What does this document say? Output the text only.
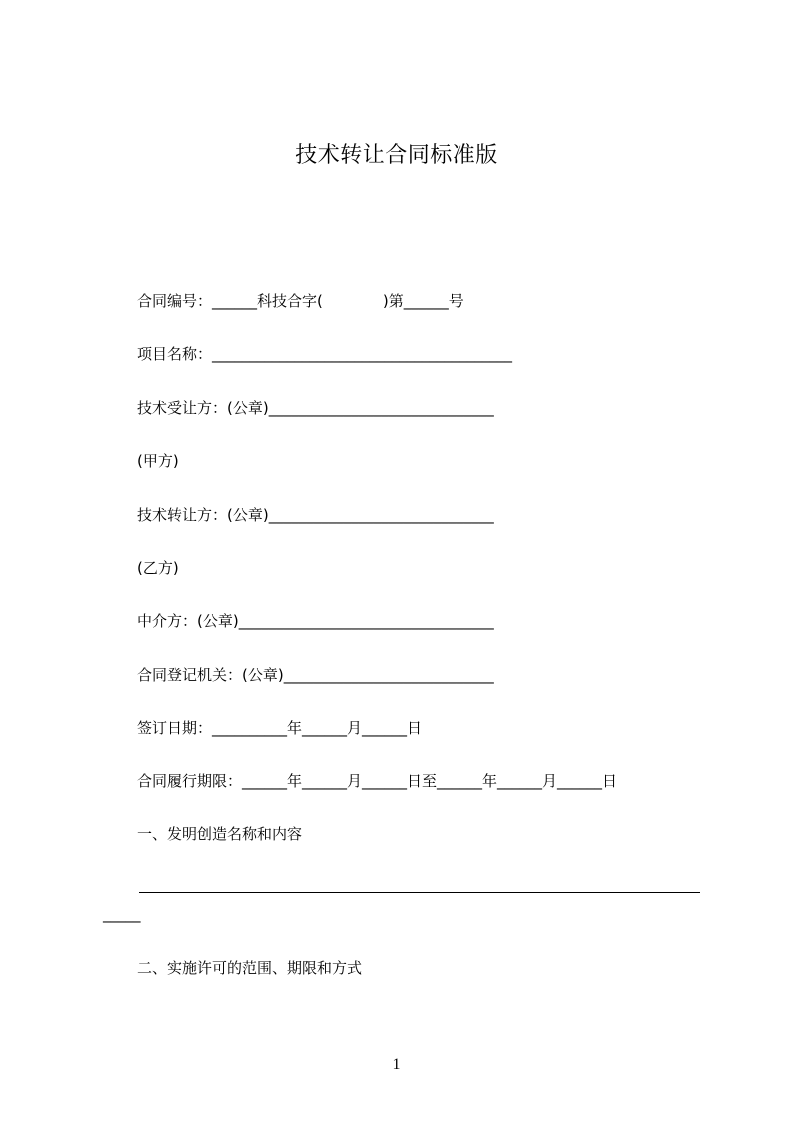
技术转让合同标准版
合同编号：______科技合字(　　　　)第______号
项目名称：________________________________________
技术受让方：(公章)______________________________
(甲方)
技术转让方：(公章)______________________________
(乙方)
中介方：(公章)__________________________________
合同登记机关：(公章)____________________________
签订日期：__________年______月______日
合同履行期限：______年______月______日至______年______月______日
一、发明创造名称和内容
_____
二、实施许可的范围、期限和方式
1
